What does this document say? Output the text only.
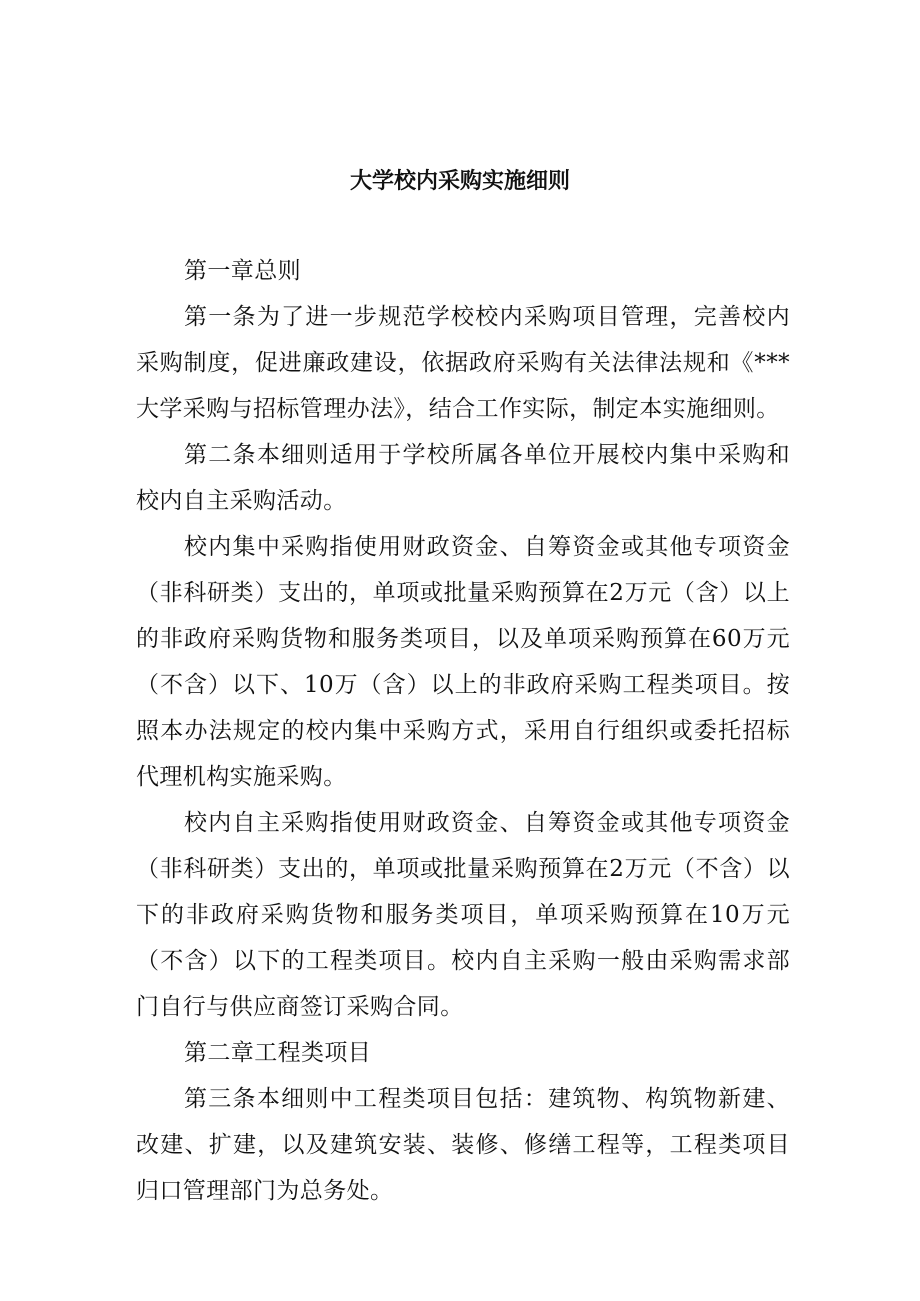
大学校内采购实施细则

第一章总则

第一条为了进一步规范学校校内采购项目管理，完善校内采购制度，促进廉政建设，依据政府采购有关法律法规和《***大学采购与招标管理办法》，结合工作实际，制定本实施细则。

第二条本细则适用于学校所属各单位开展校内集中采购和校内自主采购活动。

校内集中采购指使用财政资金、自筹资金或其他专项资金（非科研类）支出的，单项或批量采购预算在2万元（含）以上的非政府采购货物和服务类项目，以及单项采购预算在60万元（不含）以下、10万（含）以上的非政府采购工程类项目。按照本办法规定的校内集中采购方式，采用自行组织或委托招标代理机构实施采购。

校内自主采购指使用财政资金、自筹资金或其他专项资金（非科研类）支出的，单项或批量采购预算在2万元（不含）以下的非政府采购货物和服务类项目，单项采购预算在10万元（不含）以下的工程类项目。校内自主采购一般由采购需求部门自行与供应商签订采购合同。

第二章工程类项目

第三条本细则中工程类项目包括：建筑物、构筑物新建、改建、扩建，以及建筑安装、装修、修缮工程等，工程类项目归口管理部门为总务处。
